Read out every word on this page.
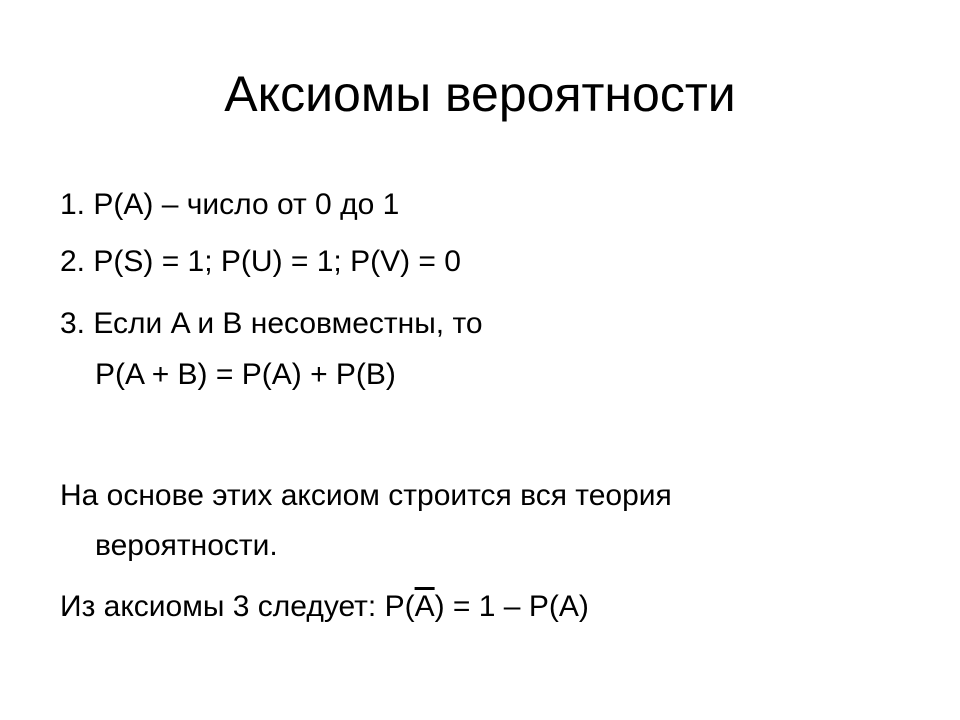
Аксиомы вероятности
1. P(A) – число от 0 до 1
2. P(S) = 1; P(U) = 1; P(V) = 0
3. Если A и B несовместны, то
P(A + B) = P(A) + P(B)
На основе этих аксиом строится вся теория
вероятности.
Из аксиомы 3 следует: $P(\overline{A}) = 1 - P(A)$
